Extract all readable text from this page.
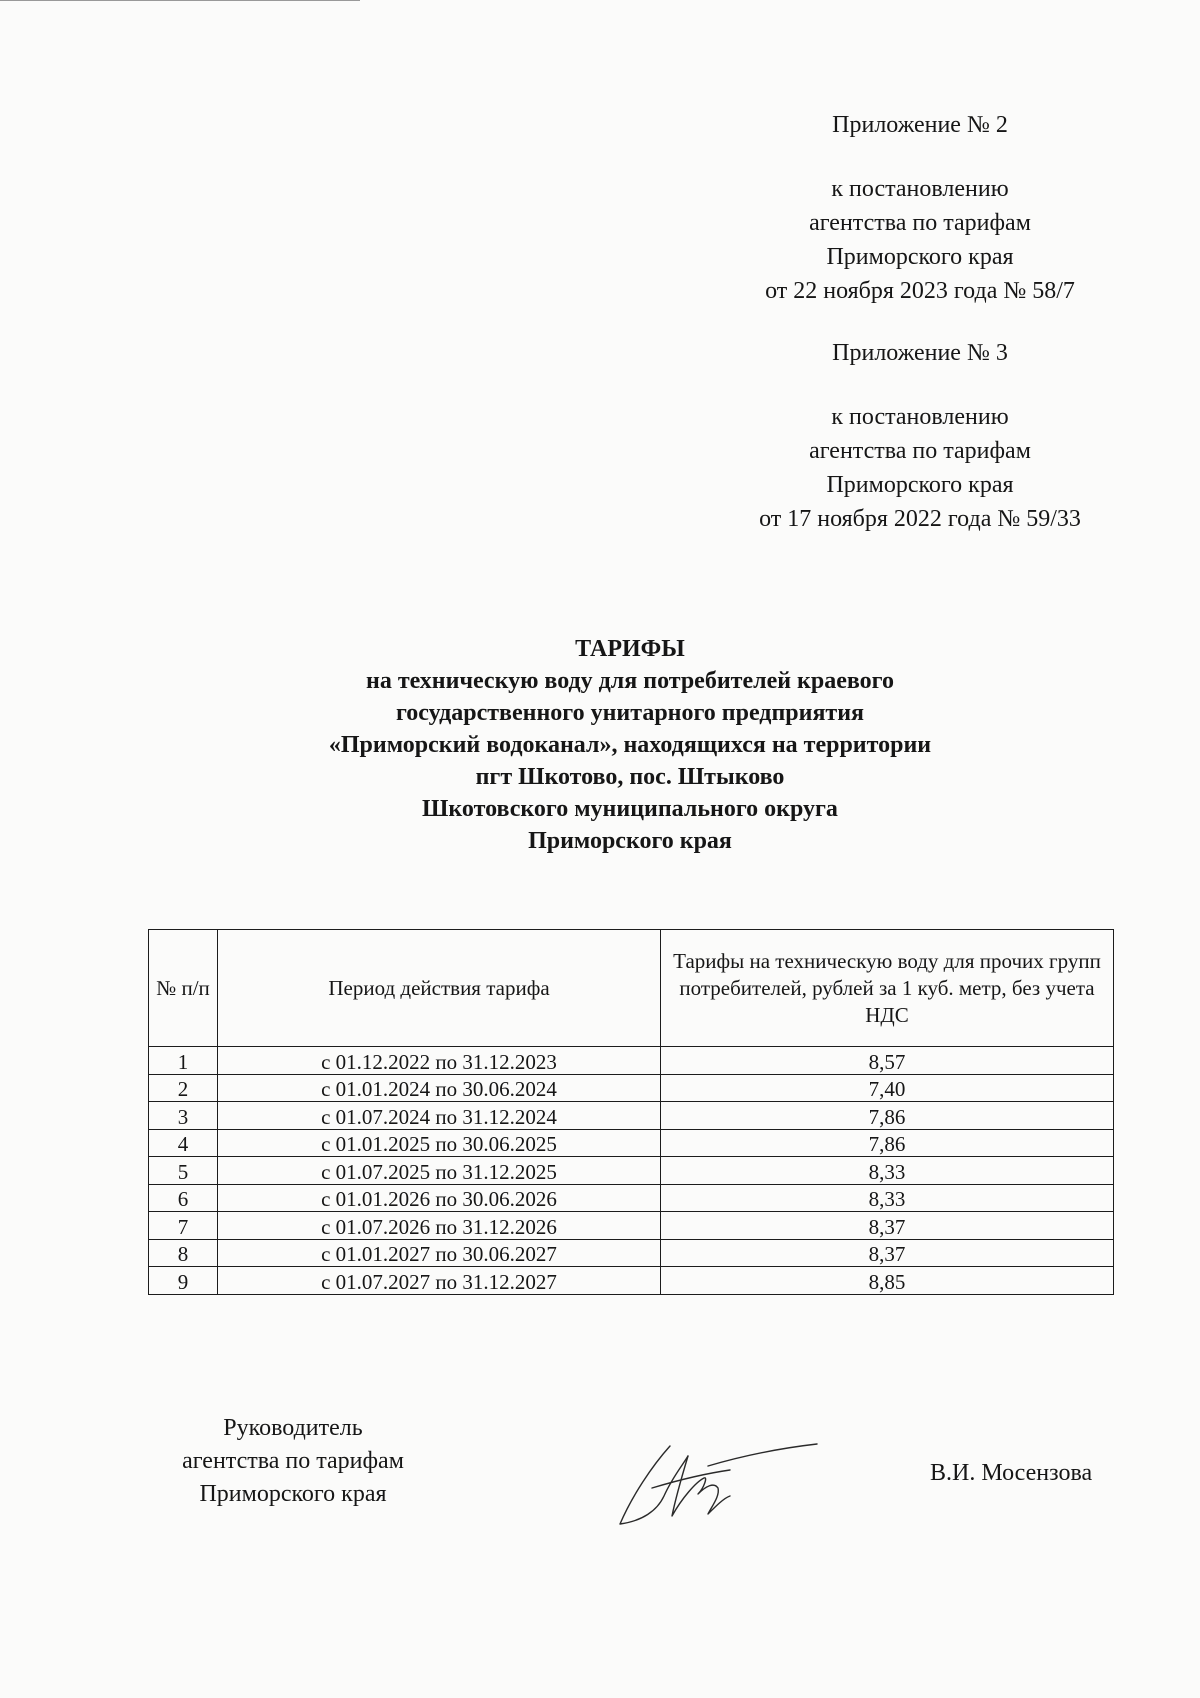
Приложение № 2
к постановлению
агентства по тарифам
Приморского края
от 22 ноября 2023 года № 58/7
Приложение № 3
к постановлению
агентства по тарифам
Приморского края
от 17 ноября 2022 года № 59/33
ТАРИФЫ
на техническую воду для потребителей краевого
государственного унитарного предприятия
«Приморский водоканал», находящихся на территории
пгт Шкотово, пос. Штыково
Шкотовского муниципального округа
Приморского края
№ п/п	Период действия тарифа	Тарифы на техническую воду для прочих групп потребителей, рублей за 1 куб. метр, без учета НДС
1	с 01.12.2022 по 31.12.2023	8,57
2	с 01.01.2024 по 30.06.2024	7,40
3	с 01.07.2024 по 31.12.2024	7,86
4	с 01.01.2025 по 30.06.2025	7,86
5	с 01.07.2025 по 31.12.2025	8,33
6	с 01.01.2026 по 30.06.2026	8,33
7	с 01.07.2026 по 31.12.2026	8,37
8	с 01.01.2027 по 30.06.2027	8,37
9	с 01.07.2027 по 31.12.2027	8,85
Руководитель
агентства по тарифам
Приморского края
В.И. Мосензова
